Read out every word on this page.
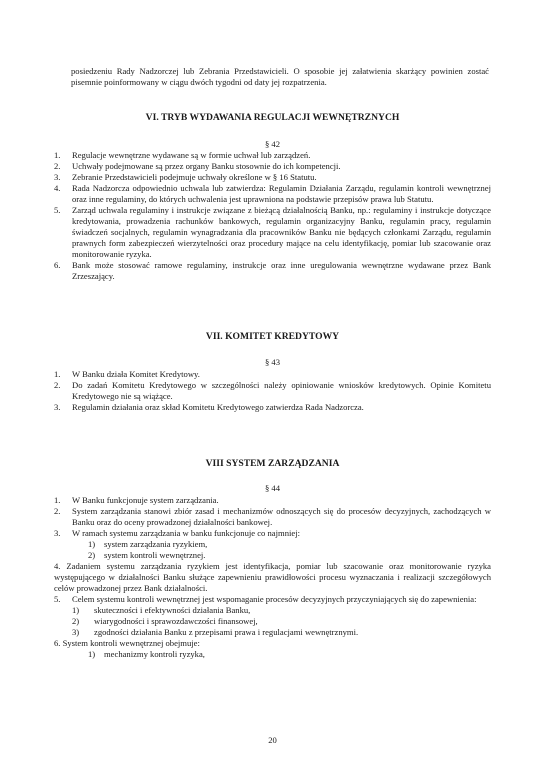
posiedzeniu Rady Nadzorczej lub Zebrania Przedstawicieli. O sposobie jej załatwienia skarżący powinien zostać pisemnie poinformowany w ciągu dwóch tygodni od daty jej rozpatrzenia.
VI. TRYB WYDAWANIA REGULACJI WEWNĘTRZNYCH
§ 42
1. Regulacje wewnętrzne wydawane są w formie uchwał lub zarządzeń.
2. Uchwały podejmowane są przez organy Banku stosownie do ich kompetencji.
3. Zebranie Przedstawicieli podejmuje uchwały określone w § 16 Statutu.
4. Rada Nadzorcza odpowiednio uchwala lub zatwierdza: Regulamin Działania Zarządu, regulamin kontroli wewnętrznej oraz inne regulaminy, do których uchwalenia jest uprawniona na podstawie przepisów prawa lub Statutu.
5. Zarząd uchwala regulaminy i instrukcje związane z bieżącą działalnością Banku, np.: regulaminy i instrukcje dotyczące kredytowania, prowadzenia rachunków bankowych, regulamin organizacyjny Banku, regulamin pracy, regulamin świadczeń socjalnych, regulamin wynagradzania dla pracowników Banku nie będących członkami Zarządu, regulamin prawnych form zabezpieczeń wierzytelności oraz procedury mające na celu identyfikację, pomiar lub szacowanie oraz monitorowanie ryzyka.
6. Bank może stosować ramowe regulaminy, instrukcje oraz inne uregulowania wewnętrzne wydawane przez Bank Zrzeszający.
VII. KOMITET KREDYTOWY
§ 43
1. W Banku działa Komitet Kredytowy.
2. Do zadań Komitetu Kredytowego w szczególności należy opiniowanie wniosków kredytowych. Opinie Komitetu Kredytowego nie są wiążące.
3. Regulamin działania oraz skład Komitetu Kredytowego zatwierdza Rada Nadzorcza.
VIII SYSTEM ZARZĄDZANIA
§ 44
1. W Banku funkcjonuje system zarządzania.
2. System zarządzania stanowi zbiór zasad i mechanizmów odnoszących się do procesów decyzyjnych, zachodzących w Banku oraz do oceny prowadzonej działalności bankowej.
3. W ramach systemu zarządzania w banku funkcjonuje co najmniej:
1) system zarządzania ryzykiem,
2) system kontroli wewnętrznej.
4. Zadaniem systemu zarządzania ryzykiem jest identyfikacja, pomiar lub szacowanie oraz monitorowanie ryzyka występującego w działalności Banku służące zapewnieniu prawidłowości procesu wyznaczania i realizacji szczegółowych celów prowadzonej przez Bank działalności.
5. Celem systemu kontroli wewnętrznej jest wspomaganie procesów decyzyjnych przyczyniających się do zapewnienia:
1) skuteczności i efektywności działania Banku,
2) wiarygodności i sprawozdawczości finansowej,
3) zgodności działania Banku z przepisami prawa i regulacjami wewnętrznymi.
6. System kontroli wewnętrznej obejmuje:
1) mechanizmy kontroli ryzyka,
20
